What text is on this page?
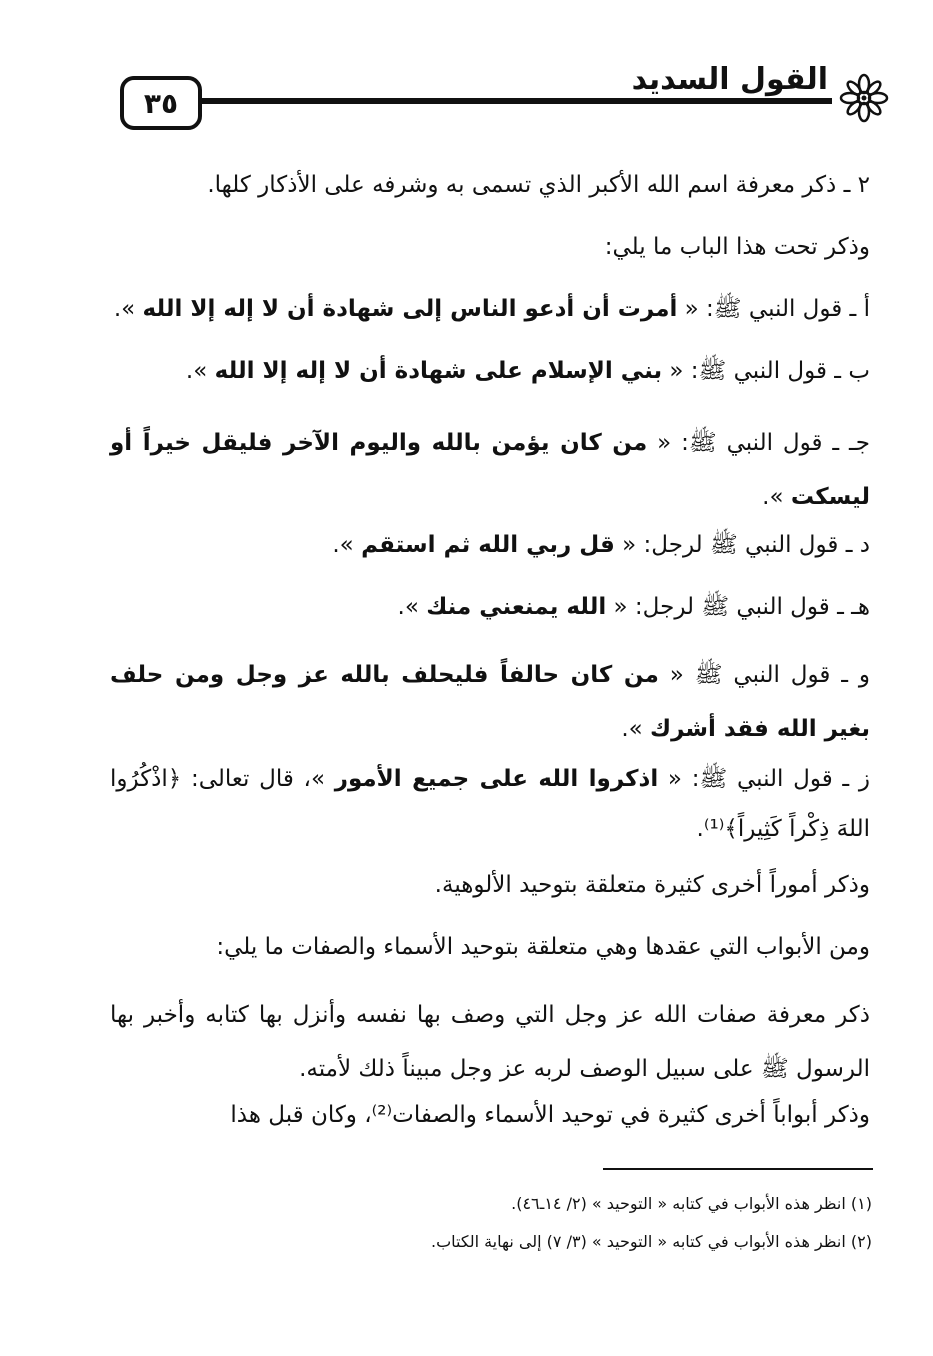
القول السديد
٣٥
٢ ـ ذكر معرفة اسم الله الأكبر الذي تسمى به وشرفه على الأذكار كلها.
وذكر تحت هذا الباب ما يلي:
أ ـ قول النبي ﷺ: « أمرت أن أدعو الناس إلى شهادة أن لا إله إلا الله ».
ب ـ قول النبي ﷺ: « بني الإسلام على شهادة أن لا إله إلا الله ».
جـ ـ قول النبي ﷺ: « من كان يؤمن بالله واليوم الآخر فليقل خيراً أو ليسكت ».
د ـ قول النبي ﷺ لرجل: « قل ربي الله ثم استقم ».
هـ ـ قول النبي ﷺ لرجل: « الله يمنعني منك ».
و ـ قول النبي ﷺ « من كان حالفاً فليحلف بالله عز وجل ومن حلف بغير الله فقد أشرك ».
ز ـ قول النبي ﷺ: « اذكروا الله على جميع الأمور »، قال تعالى: ﴿اذْكُرُوا اللهَ ذِكْراً كَثِيراً﴾⁽¹⁾.
وذكر أموراً أخرى كثيرة متعلقة بتوحيد الألوهية.
ومن الأبواب التي عقدها وهي متعلقة بتوحيد الأسماء والصفات ما يلي:
ذكر معرفة صفات الله عز وجل التي وصف بها نفسه وأنزل بها كتابه وأخبر بها الرسول ﷺ على سبيل الوصف لربه عز وجل مبيناً ذلك لأمته.
وذكر أبواباً أخرى كثيرة في توحيد الأسماء والصفات⁽²⁾، وكان قبل هذا
(١) انظر هذه الأبواب في كتابه « التوحيد » (٢/ ١٤ـ٤٦).
(٢) انظر هذه الأبواب في كتابه « التوحيد » (٣/ ٧) إلى نهاية الكتاب.
